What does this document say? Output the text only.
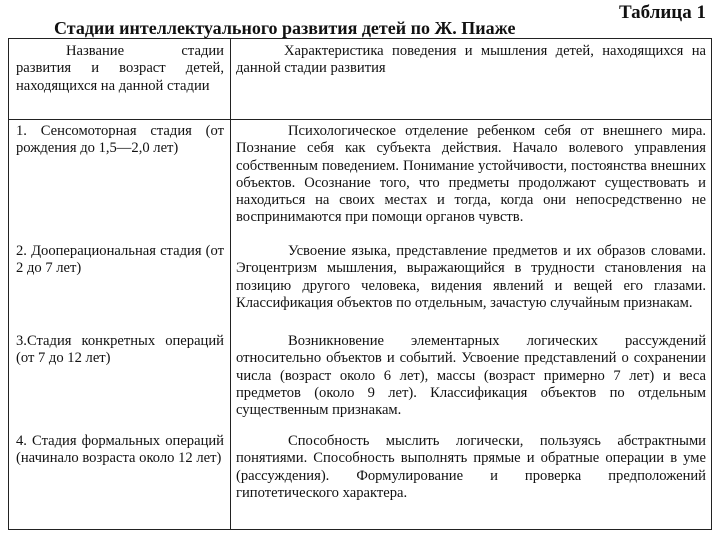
Таблица 1
Стадии интеллектуального развития детей по Ж. Пиаже
Название стадии развития и возраст детей, находящихся на данной стадии
Характеристика поведения и мышления детей, находящихся на данной стадии развития
1. Сенсомоторная стадия (от рождения до 1,5—2,0 лет)
Психологическое отделение ребенком себя от внешнего мира. Познание себя как субъекта действия. Начало волевого управления собственным поведением. Понимание устойчивости, постоянства внешних объектов. Осознание того, что предметы продолжают существовать и находиться на своих местах и тогда, когда они непосредственно не воспринимаются при помощи органов чувств.
2. Дооперациональная стадия (от 2 до 7 лет)
Усвоение языка, представление предметов и их образов словами. Эгоцентризм мышления, выражающийся в трудности становления на позицию другого человека, видения явлений и вещей его глазами. Классификация объектов по отдельным, зачастую случайным признакам.
3.Стадия конкретных операций (от 7 до 12 лет)
Возникновение элементарных логических рассуждений относительно объектов и событий. Усвоение представлений о сохранении числа (возраст около 6 лет), массы (возраст примерно 7 лет) и веса предметов (около 9 лет). Классификация объектов по отдельным существенным признакам.
4. Стадия формальных операций (начинало возраста около 12 лет)
Способность мыслить логически, пользуясь абстрактными понятиями. Способность выполнять прямые и обратные операции в уме (рассуждения). Формулирование и проверка предположений гипотетического характера.
